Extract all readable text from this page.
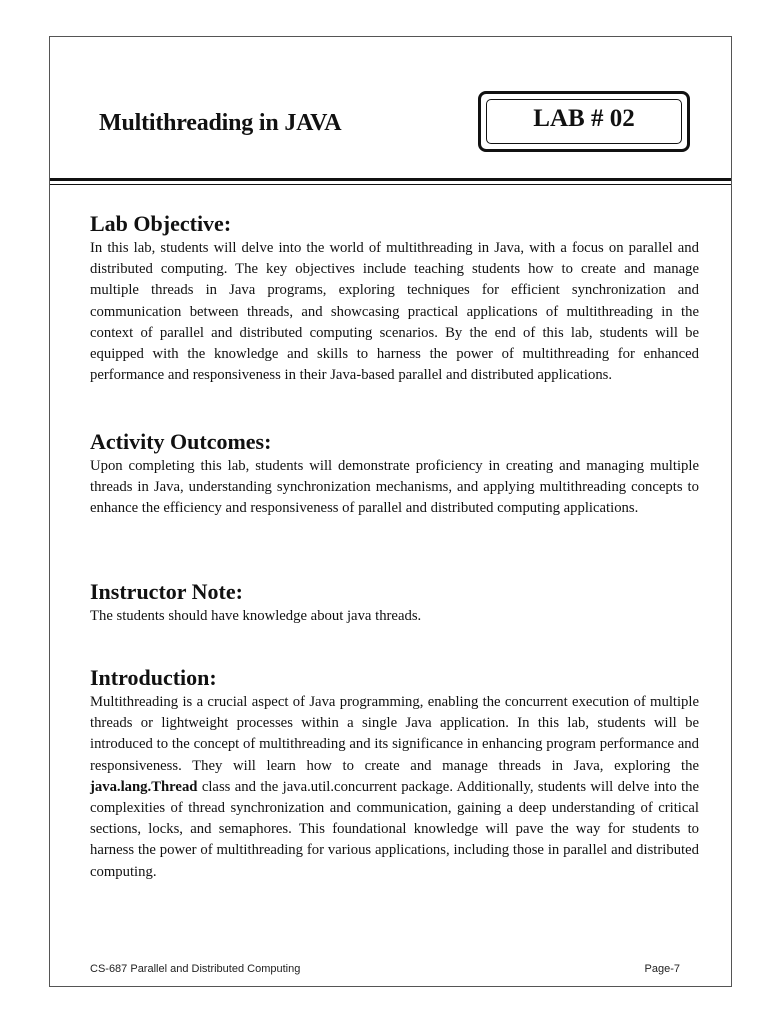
Multithreading in JAVA	LAB # 02
Lab Objective:

In this lab, students will delve into the world of multithreading in Java, with a focus on parallel and distributed computing. The key objectives include teaching students how to create and manage multiple threads in Java programs, exploring techniques for efficient synchronization and communication between threads, and showcasing practical applications of multithreading in the context of parallel and distributed computing scenarios. By the end of this lab, students will be equipped with the knowledge and skills to harness the power of multithreading for enhanced performance and responsiveness in their Java-based parallel and distributed applications.

Activity Outcomes:

Upon completing this lab, students will demonstrate proficiency in creating and managing multiple threads in Java, understanding synchronization mechanisms, and applying multithreading concepts to enhance the efficiency and responsiveness of parallel and distributed computing applications.

Instructor Note:

The students should have knowledge about java threads.

Introduction:

Multithreading is a crucial aspect of Java programming, enabling the concurrent execution of multiple threads or lightweight processes within a single Java application. In this lab, students will be introduced to the concept of multithreading and its significance in enhancing program performance and responsiveness. They will learn how to create and manage threads in Java, exploring the java.lang.Thread class and the java.util.concurrent package. Additionally, students will delve into the complexities of thread synchronization and communication, gaining a deep understanding of critical sections, locks, and semaphores. This foundational knowledge will pave the way for students to harness the power of multithreading for various applications, including those in parallel and distributed computing.

CS-687 Parallel and Distributed Computing	Page-7
